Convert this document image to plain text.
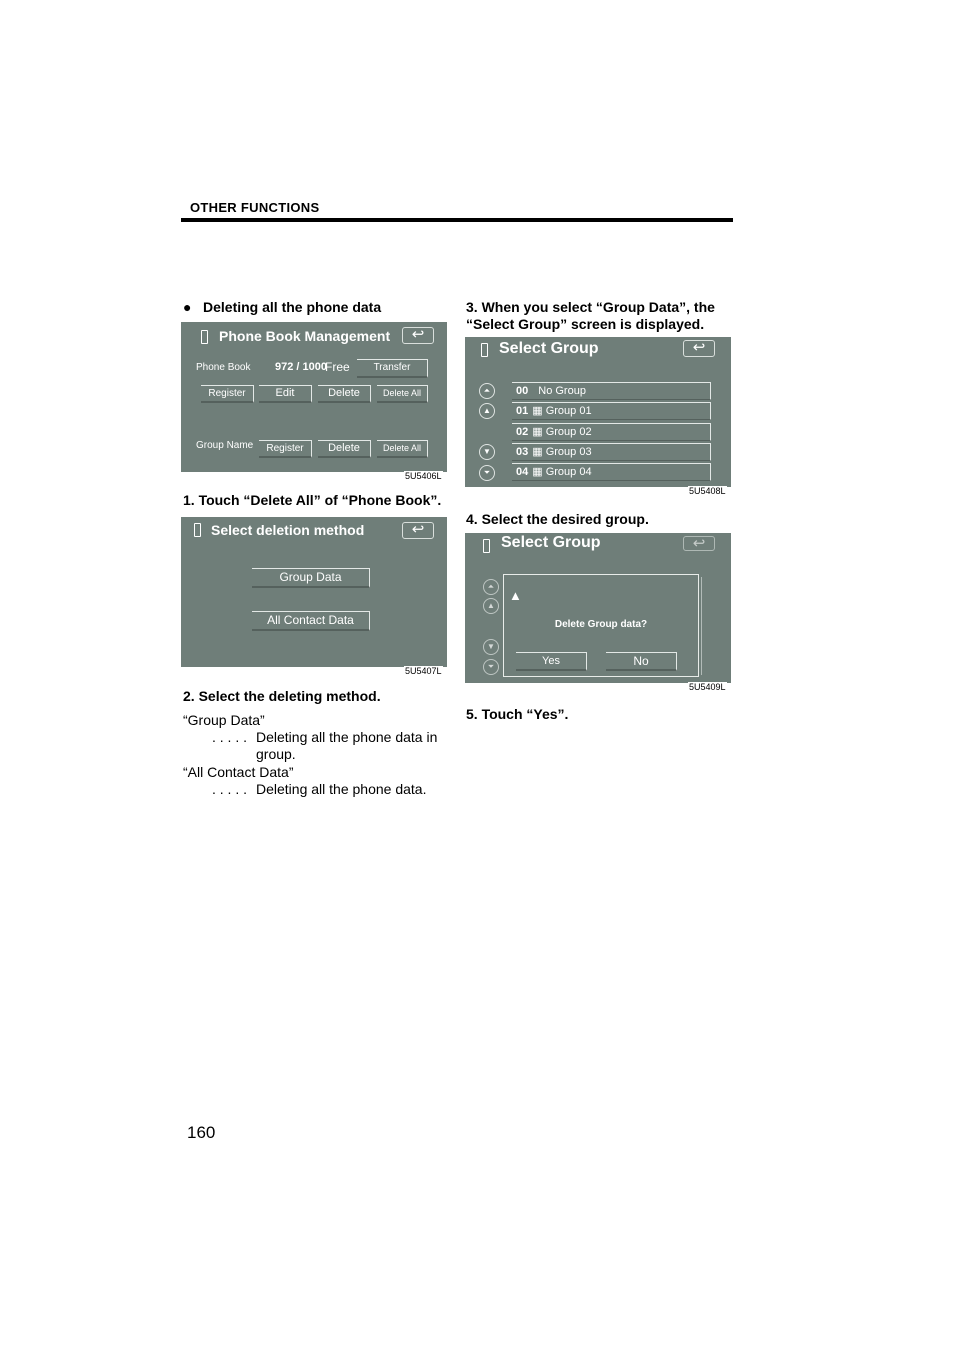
OTHER FUNCTIONS
● Deleting all the phone data
Phone Book Management	↩
Phone Book 972 / 1000
Free	Transfer
Register	Edit	Delete	Delete All
Group Name	Register	Delete	Delete All
5U5406L
1. Touch “Delete All” of “Phone Book”.
Select deletion method	↩
Group Data
All Contact Data
5U5407L
2. Select the deleting method.
“Group Data”
. . . . . Deleting all the phone data in group.
“All Contact Data”
. . . . . Deleting all the phone data.
3. When you select “Group Data”, the “Select Group” screen is displayed.
Select Group	↩
⏶
▲
▼
⏷
00 No Group
01 ▦ Group 01
02 ▦ Group 02
03 ▦ Group 03
04 ▦ Group 04
5U5408L
4. Select the desired group.
Select Group	↩
⏶
▲
▼
⏷
▲
Delete Group data?
Yes	No
5U5409L
5. Touch “Yes”.
160
